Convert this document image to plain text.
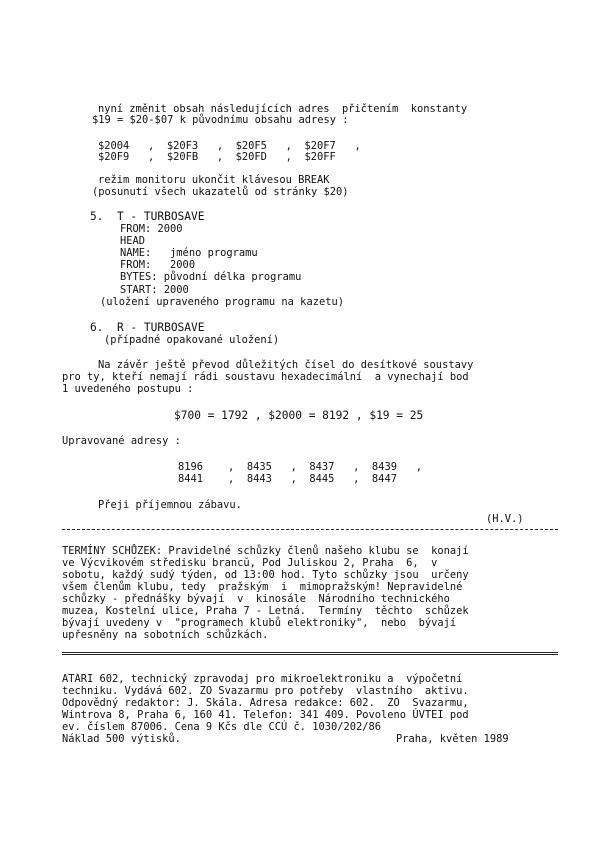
nyní změnit obsah následujících adres  přičtením  konstanty
$19 = $20-$07 k původnímu obsahu adresy :
$2004   ,  $20F3   ,  $20F5   ,  $20F7   ,
$20F9   ,  $20FB   ,  $20FD   ,  $20FF
režim monitoru ukončit klávesou BREAK
(posunutí všech ukazatelů od stránky $20)
5.  T - TURBOSAVE
FROM: 2000
HEAD
NAME:   jméno programu
FROM:   2000
BYTES: původní délka programu
START: 2000
(uložení upraveného programu na kazetu)
6.  R - TURBOSAVE
(případné opakované uložení)
Na závěr ještě převod důležitých čísel do desítkové soustavy
pro ty, kteří nemají rádi soustavu hexadecimální  a vynechají bod
1 uvedeného postupu :
$700 = 1792 , $2000 = 8192 , $19 = 25
Upravované adresy :
8196    ,  8435   ,  8437   ,  8439   ,
8441    ,  8443   ,  8445   ,  8447
Přeji příjemnou zábavu.
(H.V.)
TERMÍNY SCHŮZEK: Pravidelné schůzky členů našeho klubu se  konají
ve Výcvikovém středisku brancŭ, Pod Juliskou 2, Praha  6,  v
sobotu, každý sudý týden, od 13:00 hod. Tyto schůzky jsou  určeny
všem členům klubu, tedy  pražským  i  mimopražským! Nepravidelné
schůzky - přednášky bývají  v  kinosále  Národního technického
muzea, Kostelní ulice, Praha 7 - Letná.  Termíny  těchto  schůzek
bývají uvedeny v  "programech klubů elektroniky",  nebo  bývají
upřesněny na sobotních schůzkách.
ATARI 602, technický zpravodaj pro mikroelektroniku a  výpočetní
techniku. Vydává 602. ZO Svazarmu pro potřeby  vlastního  aktivu.
Odpovědný redaktor: J. Skála. Adresa redakce: 602.  ZO  Svazarmu,
Wintrova 8, Praha 6, 160 41. Telefon: 341 409. Povoleno ÚVTEI pod
ev. číslem 87006. Cena 9 Kčs dle CCÚ č. 1030/202/86
Náklad 500 výtisků.	Praha, květen 1989
